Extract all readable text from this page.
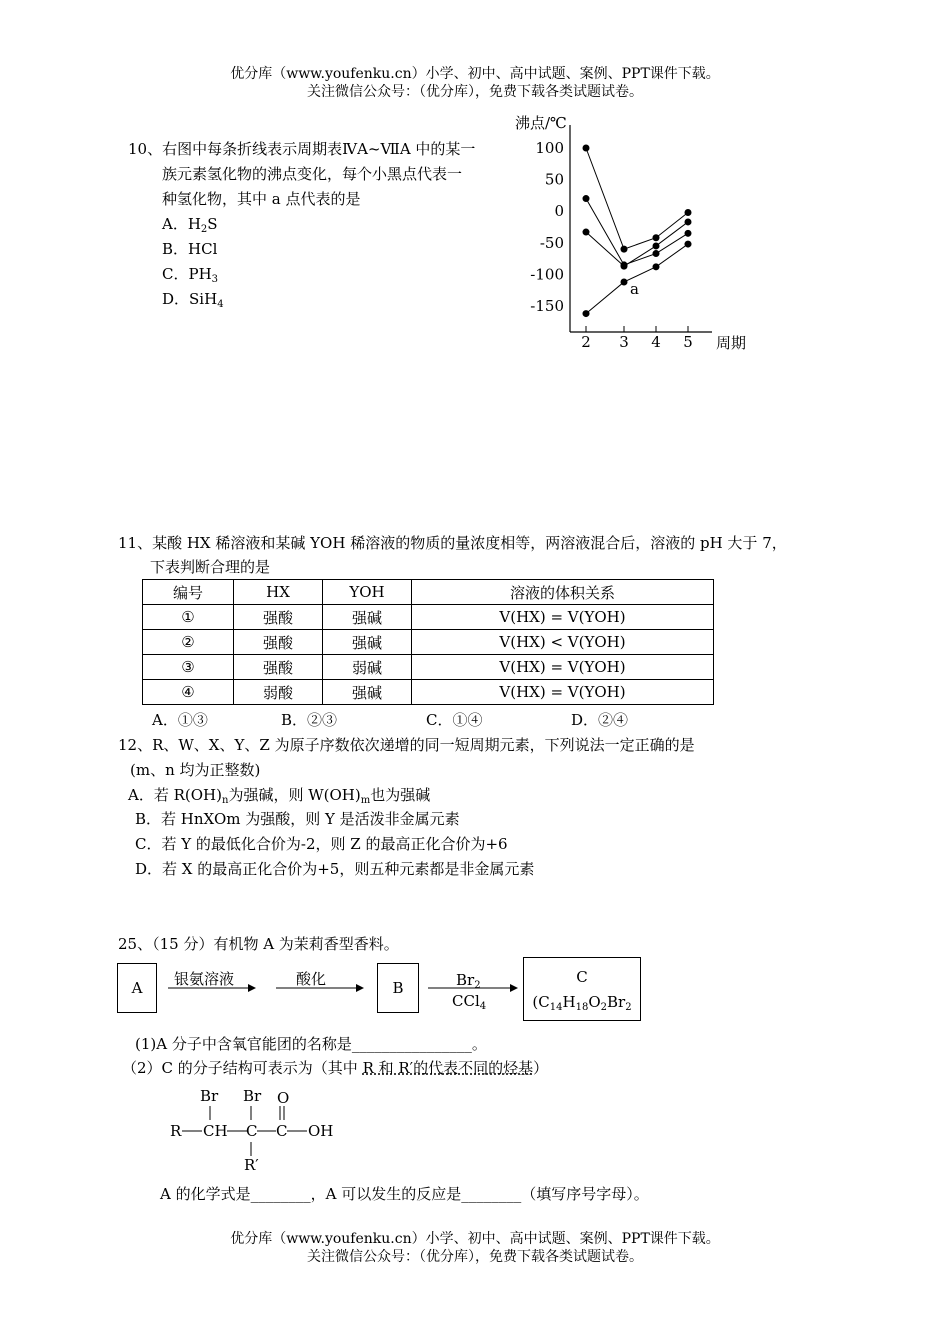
优分库（www.youfenku.cn）小学、初中、高中试题、案例、PPT课件下载。
关注微信公众号：（优分库），免费下载各类试题试卷。
10、右图中每条折线表示周期表ⅣA~ⅦA 中的某一
族元素氢化物的沸点变化，每个小黑点代表一
种氢化物，其中 a 点代表的是
A．$H_2S$
B．HCl
C．$PH_3$
D．SiH$_4$
沸点/℃
100
50
0
-50
-100
-150
2 3 4 5 周期
a
11、某酸 HX 稀溶液和某碱 YOH 稀溶液的物质的量浓度相等，两溶液混合后，溶液的 pH 大于 7，
下表判断合理的是
编号	HX	YOH	溶液的体积关系
①	强酸	强碱	V(HX) = V(YOH)
②	强酸	强碱	V(HX) < V(YOH)
③	强酸	弱碱	V(HX) = V(YOH)
④	弱酸	强碱	V(HX) = V(YOH)
A．①③	B．②③	C．①④	D．②④
12、R、W、X、Y、Z 为原子序数依次递增的同一短周期元素，下列说法一定正确的是
(m、n 均为正整数)
A．若 $R(OH)_n$为强碱，则 $W(OH)_m$也为强碱
B．若 HnXOm 为强酸，则 Y 是活泼非金属元素
C．若 Y 的最低化合价为-2，则 Z 的最高正化合价为+6
D．若 X 的最高正化合价为+5，则五种元素都是非金属元素
25、（15 分）有机物 A 为茉莉香型香料。
A	银氨溶液	酸化	B	$Br_2$
CCl$_4$
C
($C_{14}H_{18}O_2Br_2$
(1)A 分子中含氧官能团的名称是________________。
（2）C 的分子结构可表示为（其中 R 和 R′的代表不同的烃基）
Br Br O
R CH C C OH
R′
A 的化学式是________，A 可以发生的反应是________（填写序号字母）。
优分库（www.youfenku.cn）小学、初中、高中试题、案例、PPT课件下载。
关注微信公众号：（优分库），免费下载各类试题试卷。
